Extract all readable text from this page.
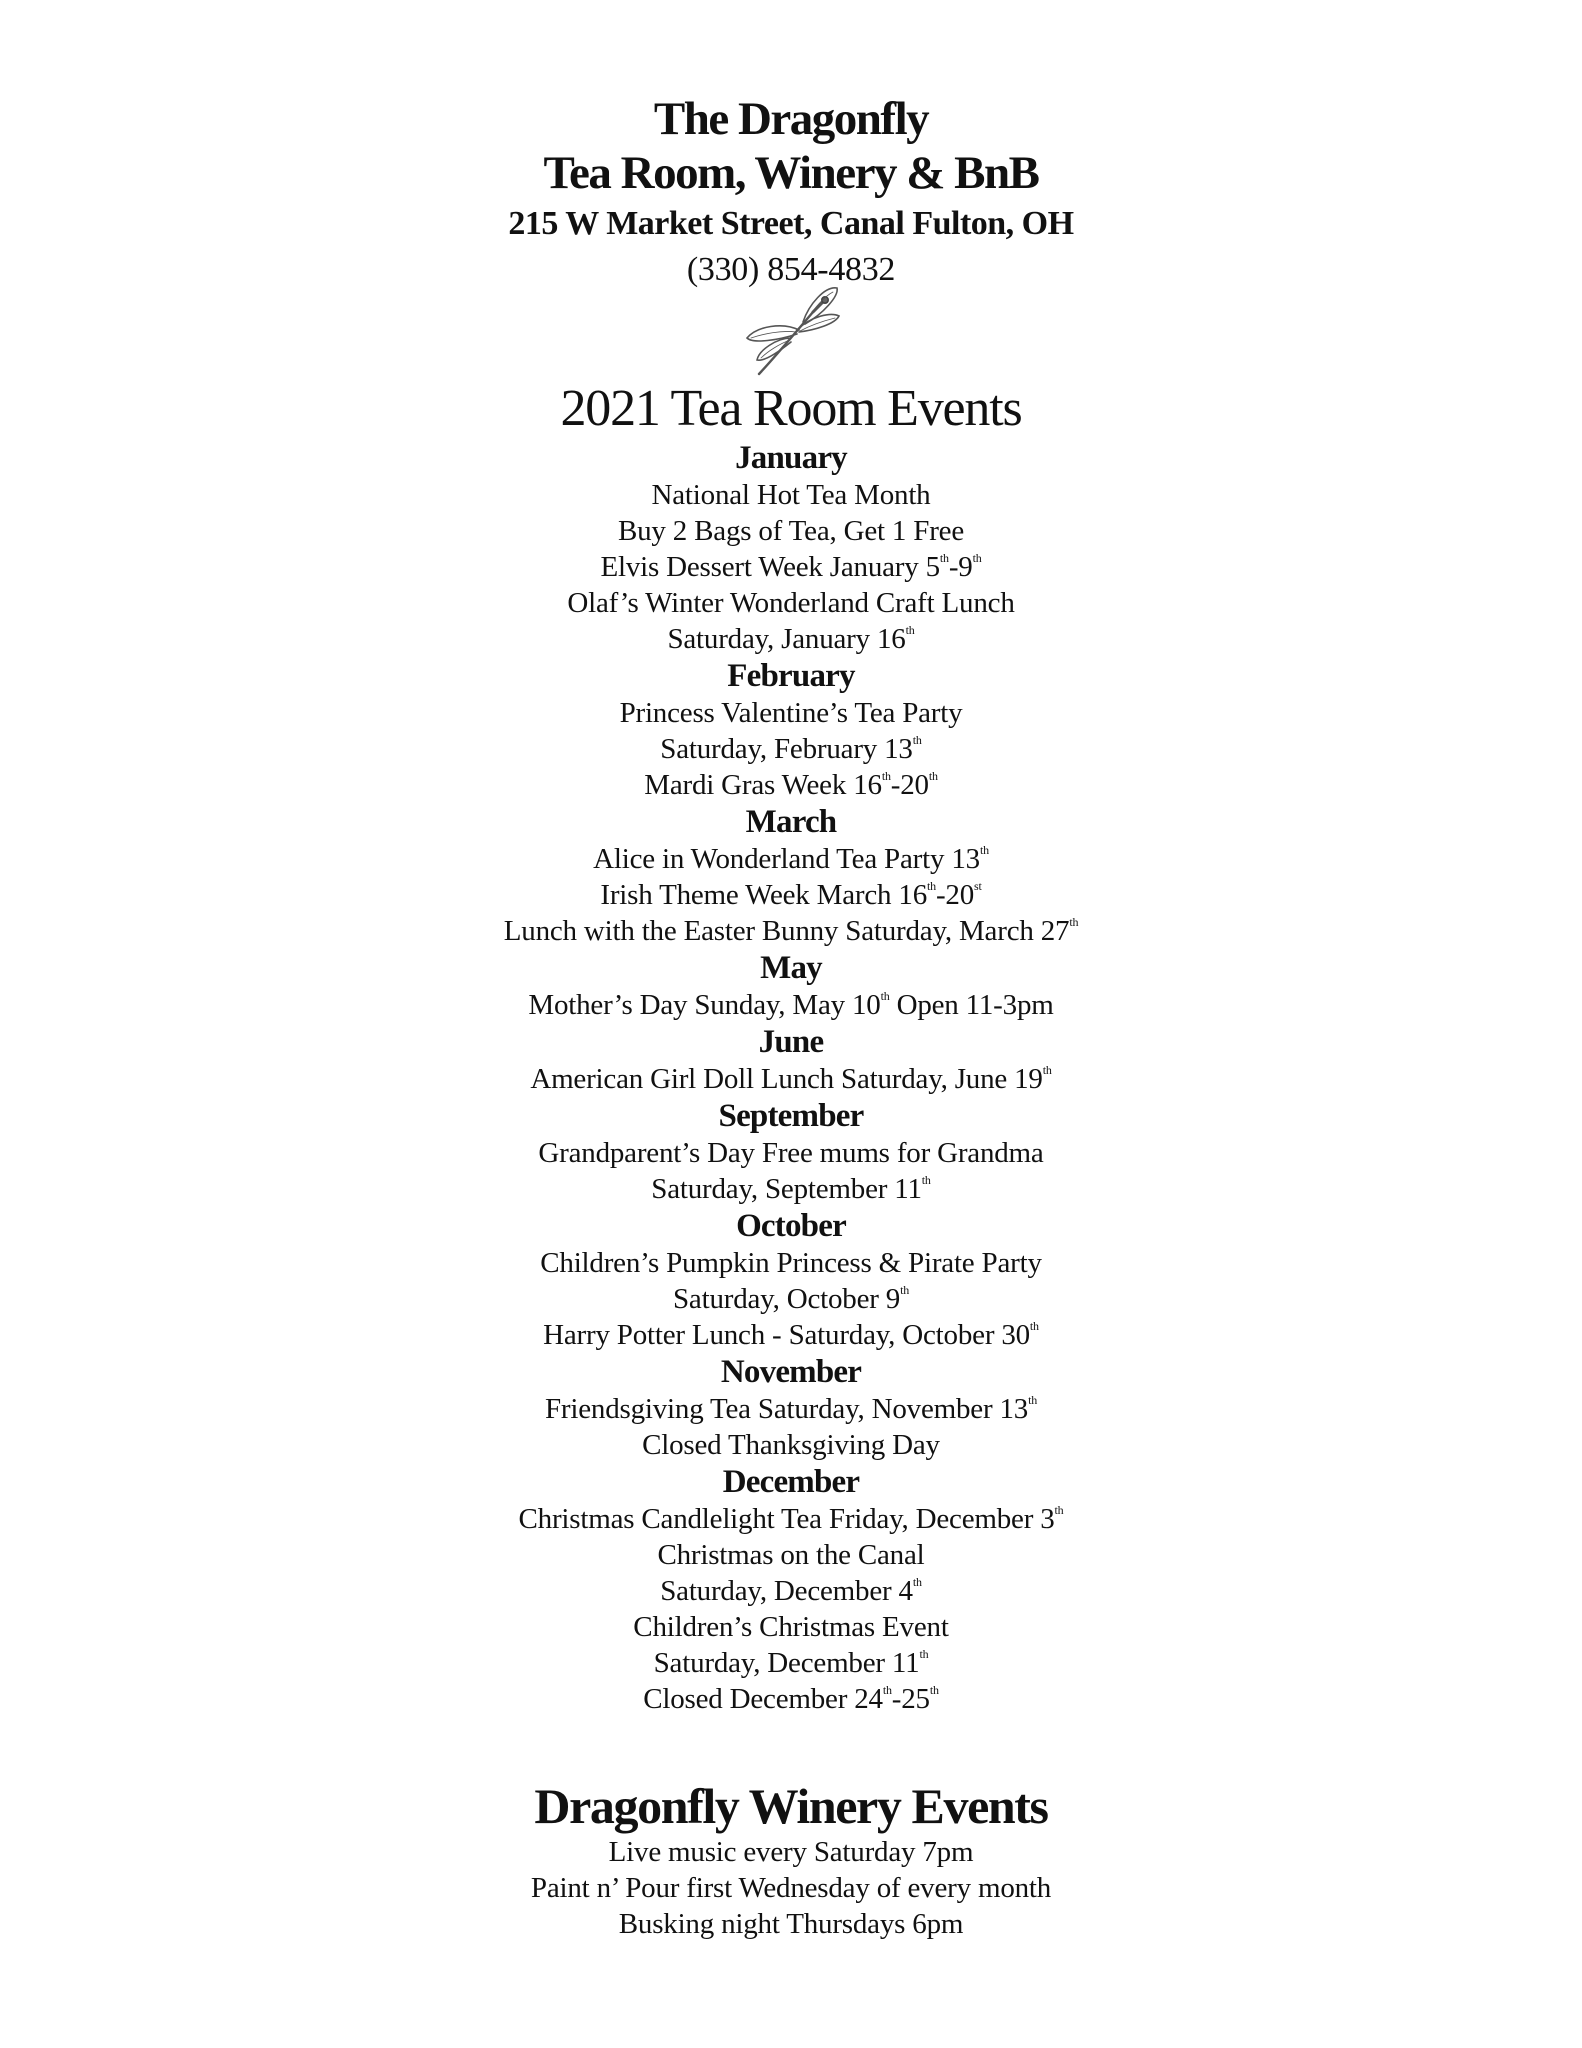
The Dragonfly
Tea Room, Winery & BnB
215 W Market Street, Canal Fulton, OH
(330) 854-4832
2021 Tea Room Events
January
National Hot Tea Month
Buy 2 Bags of Tea, Get 1 Free
Elvis Dessert Week January 5th-9th
Olaf’s Winter Wonderland Craft Lunch
Saturday, January 16th
February
Princess Valentine’s Tea Party
Saturday, February 13th
Mardi Gras Week 16th-20th
March
Alice in Wonderland Tea Party 13th
Irish Theme Week March 16th-20st
Lunch with the Easter Bunny Saturday, March 27th
May
Mother’s Day Sunday, May 10th Open 11-3pm
June
American Girl Doll Lunch Saturday, June 19th
September
Grandparent’s Day Free mums for Grandma
Saturday, September 11th
October
Children’s Pumpkin Princess & Pirate Party
Saturday, October 9th
Harry Potter Lunch - Saturday, October 30th
November
Friendsgiving Tea Saturday, November 13th
Closed Thanksgiving Day
December
Christmas Candlelight Tea Friday, December 3th
Christmas on the Canal
Saturday, December 4th
Children’s Christmas Event
Saturday, December 11th
Closed December 24th-25th
Dragonfly Winery Events
Live music every Saturday 7pm
Paint n’ Pour first Wednesday of every month
Busking night Thursdays 6pm
